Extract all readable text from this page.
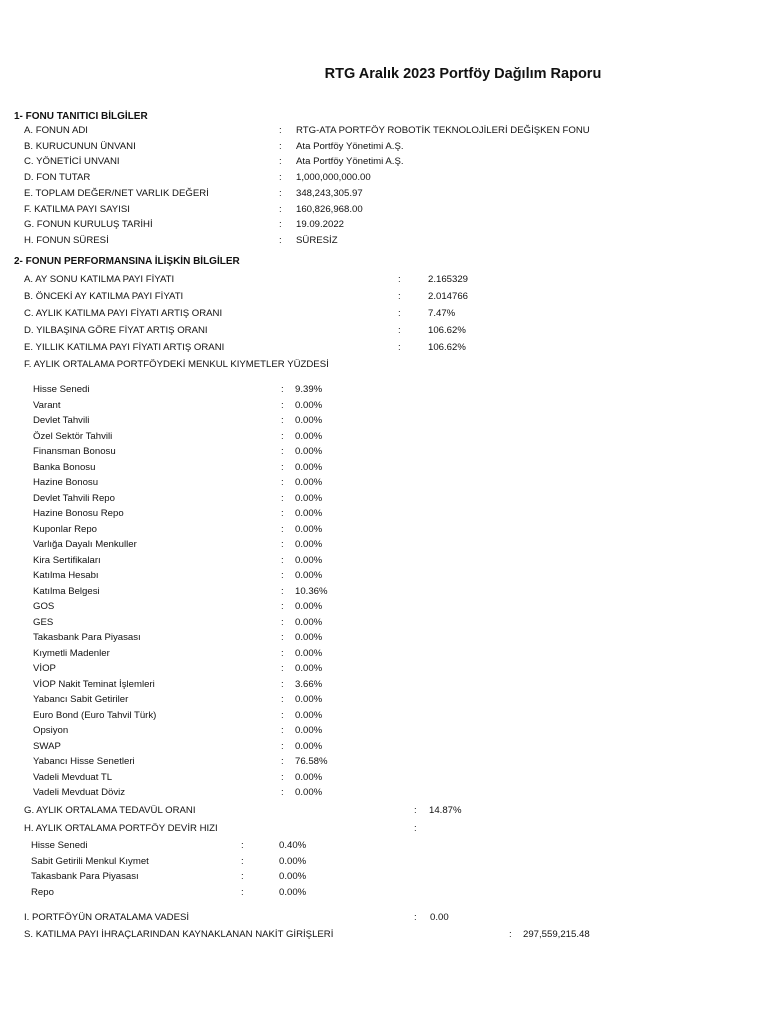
RTG Aralık 2023 Portföy Dağılım Raporu
1- FONU TANITICI BİLGİLER
A. FONUN ADI	: RTG-ATA PORTFÖY ROBOTİK TEKNOLOJİLERİ DEĞİŞKEN FONU
B. KURUCUNUN ÜNVANI	: Ata Portföy Yönetimi A.Ş.
C. YÖNETİCİ UNVANI	: Ata Portföy Yönetimi A.Ş.
D. FON TUTAR	: 1,000,000,000.00
E. TOPLAM DEĞER/NET VARLIK DEĞERİ	: 348,243,305.97
F. KATILMA PAYI SAYISI	: 160,826,968.00
G. FONUN KURULUŞ TARİHİ	: 19.09.2022
H. FONUN SÜRESİ	: SÜRESİZ
2- FONUN PERFORMANSINA İLİŞKİN BİLGİLER
A. AY SONU KATILMA PAYI FİYATI	:	2.165329
B. ÖNCEKİ AY KATILMA PAYI FİYATI	:	2.014766
C. AYLIK KATILMA PAYI FİYATI ARTIŞ ORANI	:	7.47%
D. YILBAŞINA GÖRE FİYAT ARTIŞ ORANI	:	106.62%
E. YILLIK KATILMA PAYI FİYATI ARTIŞ ORANI	:	106.62%
F. AYLIK ORTALAMA PORTFÖYDEKİ MENKUL KIYMETLER YÜZDESİ
Hisse Senedi	: 9.39%
Varant	: 0.00%
Devlet Tahvili	: 0.00%
Özel Sektör Tahvili	: 0.00%
Finansman Bonosu	: 0.00%
Banka Bonosu	: 0.00%
Hazine Bonosu	: 0.00%
Devlet Tahvili Repo	: 0.00%
Hazine Bonosu Repo	: 0.00%
Kuponlar Repo	: 0.00%
Varlığa Dayalı Menkuller	: 0.00%
Kira Sertifikaları	: 0.00%
Katılma Hesabı	: 0.00%
Katılma Belgesi	: 10.36%
GOS	: 0.00%
GES	: 0.00%
Takasbank Para Piyasası	: 0.00%
Kıymetli Madenler	: 0.00%
VİOP	: 0.00%
VİOP Nakit Teminat İşlemleri	: 3.66%
Yabancı Sabit Getiriler	: 0.00%
Euro Bond (Euro Tahvil Türk)	: 0.00%
Opsiyon	: 0.00%
SWAP	: 0.00%
Yabancı Hisse Senetleri	: 76.58%
Vadeli Mevduat TL	: 0.00%
Vadeli Mevduat Döviz	: 0.00%
G. AYLIK ORTALAMA TEDAVÜL ORANI	: 14.87%
H. AYLIK ORTALAMA PORTFÖY DEVİR HIZI	:
Hisse Senedi	:	0.40%
Sabit Getirili Menkul Kıymet	:	0.00%
Takasbank Para Piyasası	:	0.00%
Repo	:	0.00%
I. PORTFÖYÜN ORATALAMA VADESİ	: 0.00
S. KATILMA PAYI İHRAÇLARINDAN KAYNAKLANAN NAKİT GİRİŞLERİ	: 297,559,215.48
